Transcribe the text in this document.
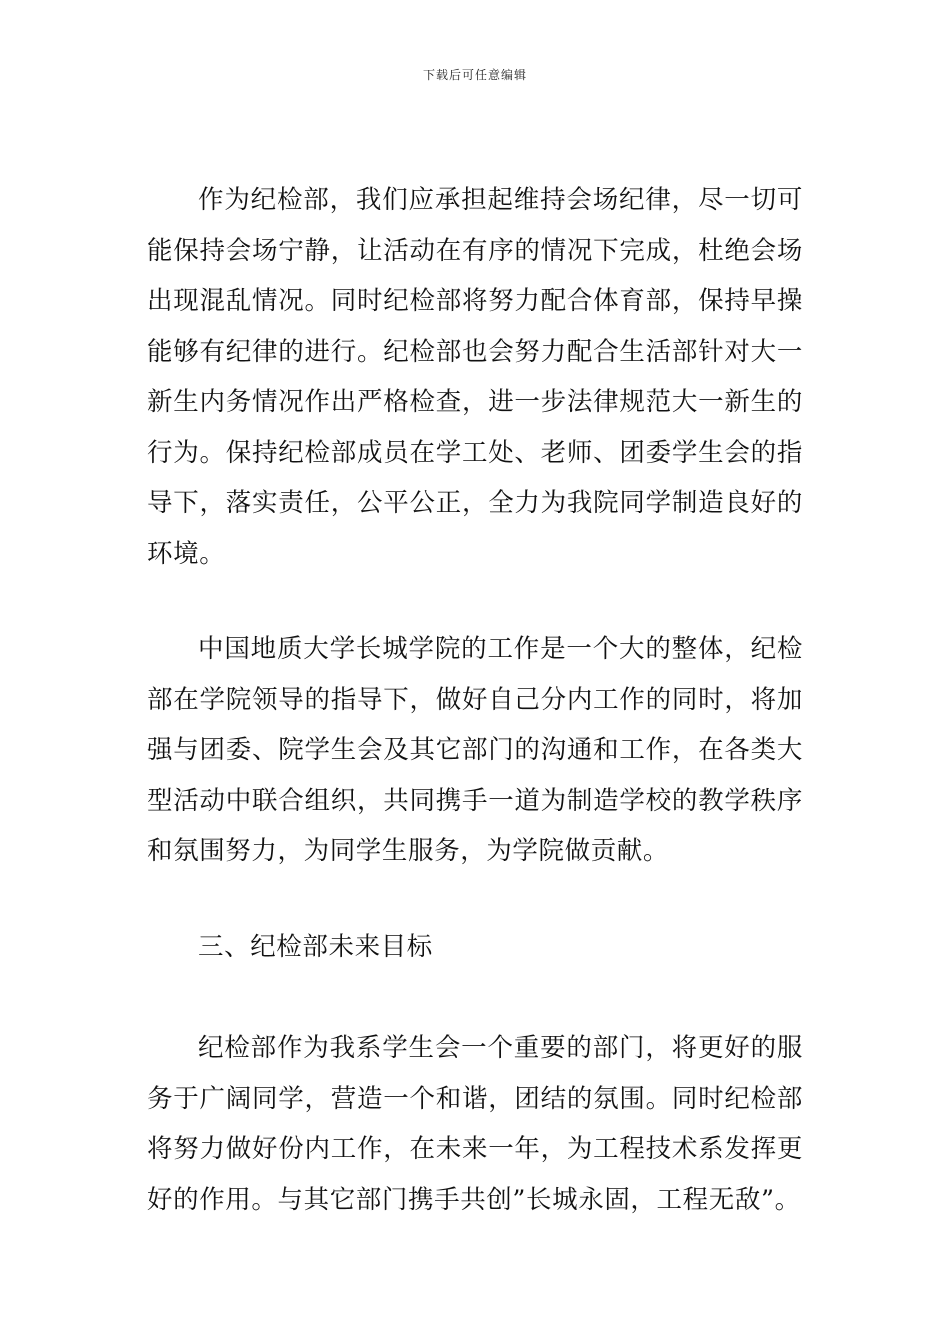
下载后可任意编辑

作为纪检部，我们应承担起维持会场纪律，尽一切可能保持会场宁静，让活动在有序的情况下完成，杜绝会场出现混乱情况。同时纪检部将努力配合体育部，保持早操能够有纪律的进行。纪检部也会努力配合生活部针对大一新生内务情况作出严格检查，进一步法律规范大一新生的行为。保持纪检部成员在学工处、老师、团委学生会的指导下，落实责任，公平公正，全力为我院同学制造良好的环境。

中国地质大学长城学院的工作是一个大的整体，纪检部在学院领导的指导下，做好自己分内工作的同时，将加强与团委、院学生会及其它部门的沟通和工作，在各类大型活动中联合组织，共同携手一道为制造学校的教学秩序和氛围努力，为同学生服务，为学院做贡献。

三、纪检部未来目标

纪检部作为我系学生会一个重要的部门，将更好的服务于广阔同学，营造一个和谐，团结的氛围。同时纪检部将努力做好份内工作，在未来一年，为工程技术系发挥更好的作用。与其它部门携手共创”长城永固，工程无敌”。
